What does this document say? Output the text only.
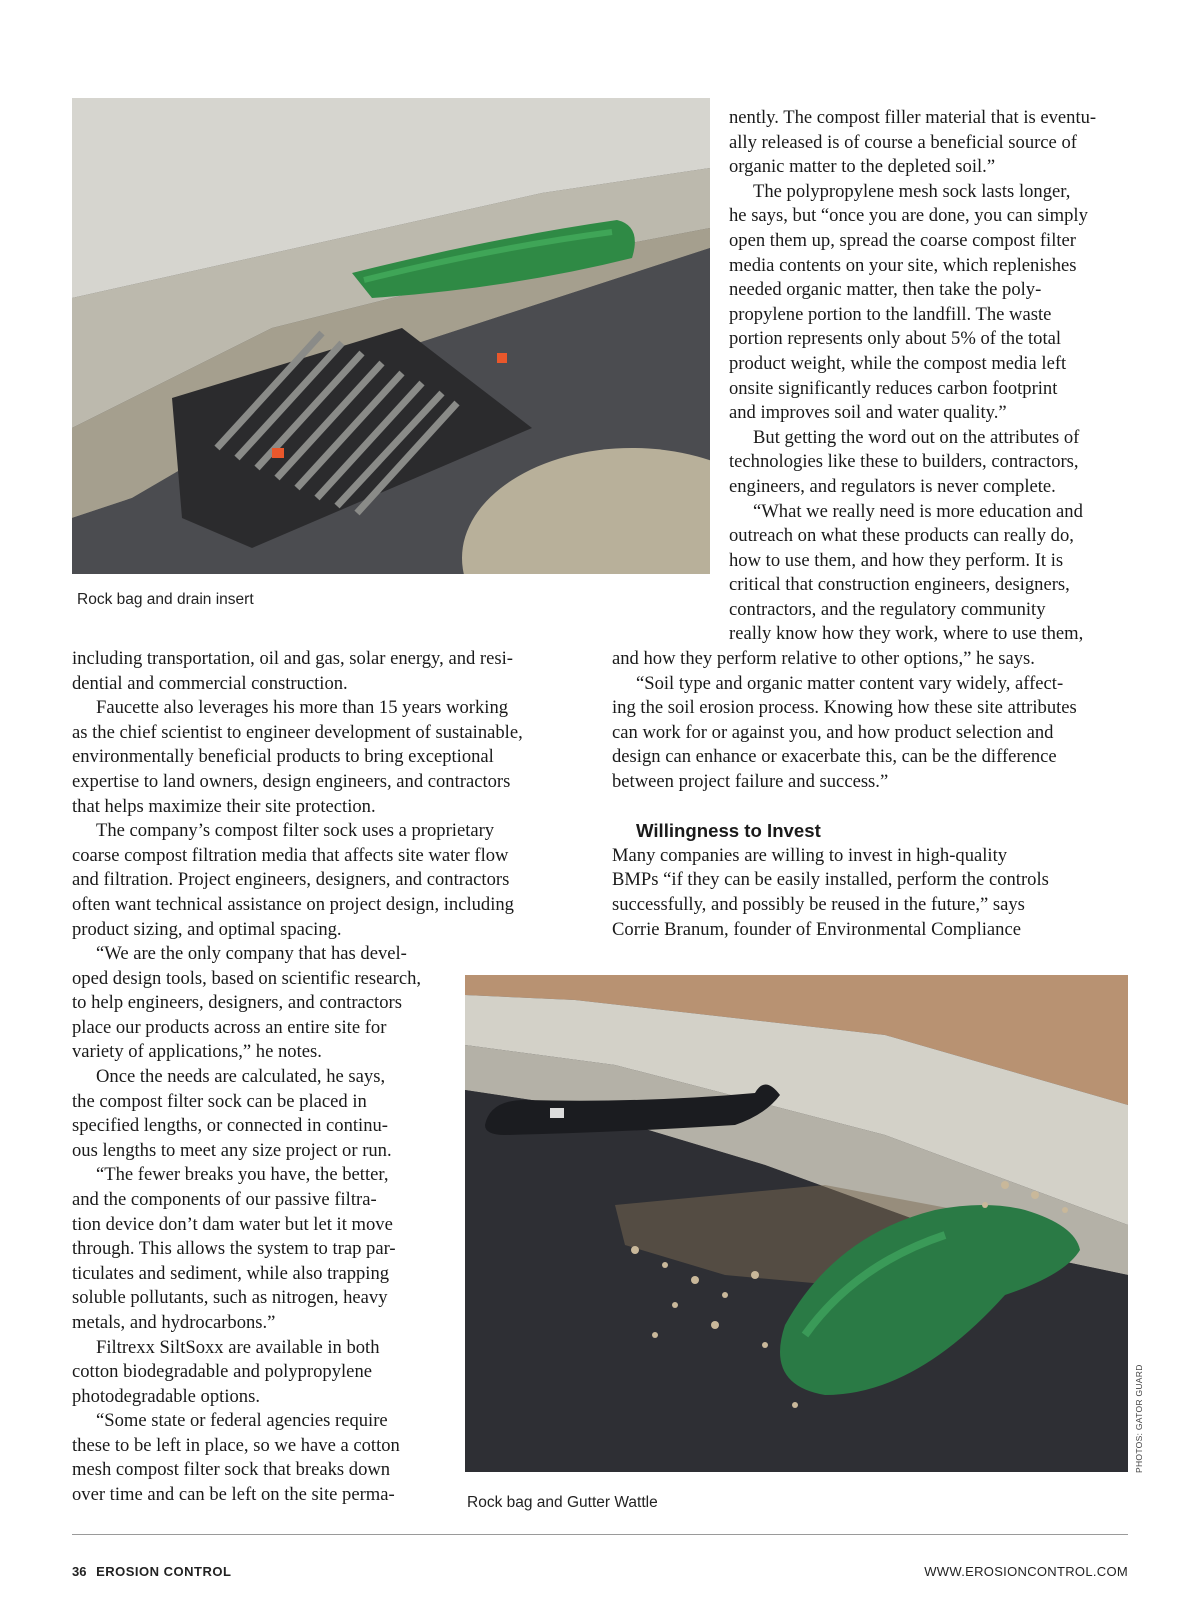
Rock bag and drain insert

nently. The compost filler material that is eventu-

ally released is of course a beneficial source of

organic matter to the depleted soil.”

The polypropylene mesh sock lasts longer,

he says, but “once you are done, you can simply

open them up, spread the coarse compost filter

media contents on your site, which replenishes

needed organic matter, then take the poly-

propylene portion to the landfill. The waste

portion represents only about 5% of the total

product weight, while the compost media left

onsite significantly reduces carbon footprint

and improves soil and water quality.”

But getting the word out on the attributes of

technologies like these to builders, contractors,

engineers, and regulators is never complete.

“What we really need is more education and

outreach on what these products can really do,

how to use them, and how they perform. It is

critical that construction engineers, designers,

contractors, and the regulatory community

really know how they work, where to use them,

and how they perform relative to other options,” he says.

“Soil type and organic matter content vary widely, affect-

ing the soil erosion process. Knowing how these site attributes

can work for or against you, and how product selection and

design can enhance or exacerbate this, can be the difference

between project failure and success.”

Willingness to Invest

Many companies are willing to invest in high-quality

BMPs “if they can be easily installed, perform the controls

successfully, and possibly be reused in the future,” says

Corrie Branum, founder of Environmental Compliance

including transportation, oil and gas, solar energy, and resi-

dential and commercial construction.

Faucette also leverages his more than 15 years working

as the chief scientist to engineer development of sustainable,

environmentally beneficial products to bring exceptional

expertise to land owners, design engineers, and contractors

that helps maximize their site protection.

The company’s compost filter sock uses a proprietary

coarse compost filtration media that affects site water flow

and filtration. Project engineers, designers, and contractors

often want technical assistance on project design, including

product sizing, and optimal spacing.

“We are the only company that has devel-

oped design tools, based on scientific research,

to help engineers, designers, and contractors

place our products across an entire site for

variety of applications,” he notes.

Once the needs are calculated, he says,

the compost filter sock can be placed in

specified lengths, or connected in continu-

ous lengths to meet any size project or run.

“The fewer breaks you have, the better,

and the components of our passive filtra-

tion device don’t dam water but let it move

through. This allows the system to trap par-

ticulates and sediment, while also trapping

soluble pollutants, such as nitrogen, heavy

metals, and hydrocarbons.”

Filtrexx SiltSoxx are available in both

cotton biodegradable and polypropylene

photodegradable options.

“Some state or federal agencies require

these to be left in place, so we have a cotton

mesh compost filter sock that breaks down

over time and can be left on the site perma-	Rock bag and Gutter Wattle
PHOTOS: GATOR GUARD
36 EROSION CONTROL	WWW.EROSIONCONTROL.COM
